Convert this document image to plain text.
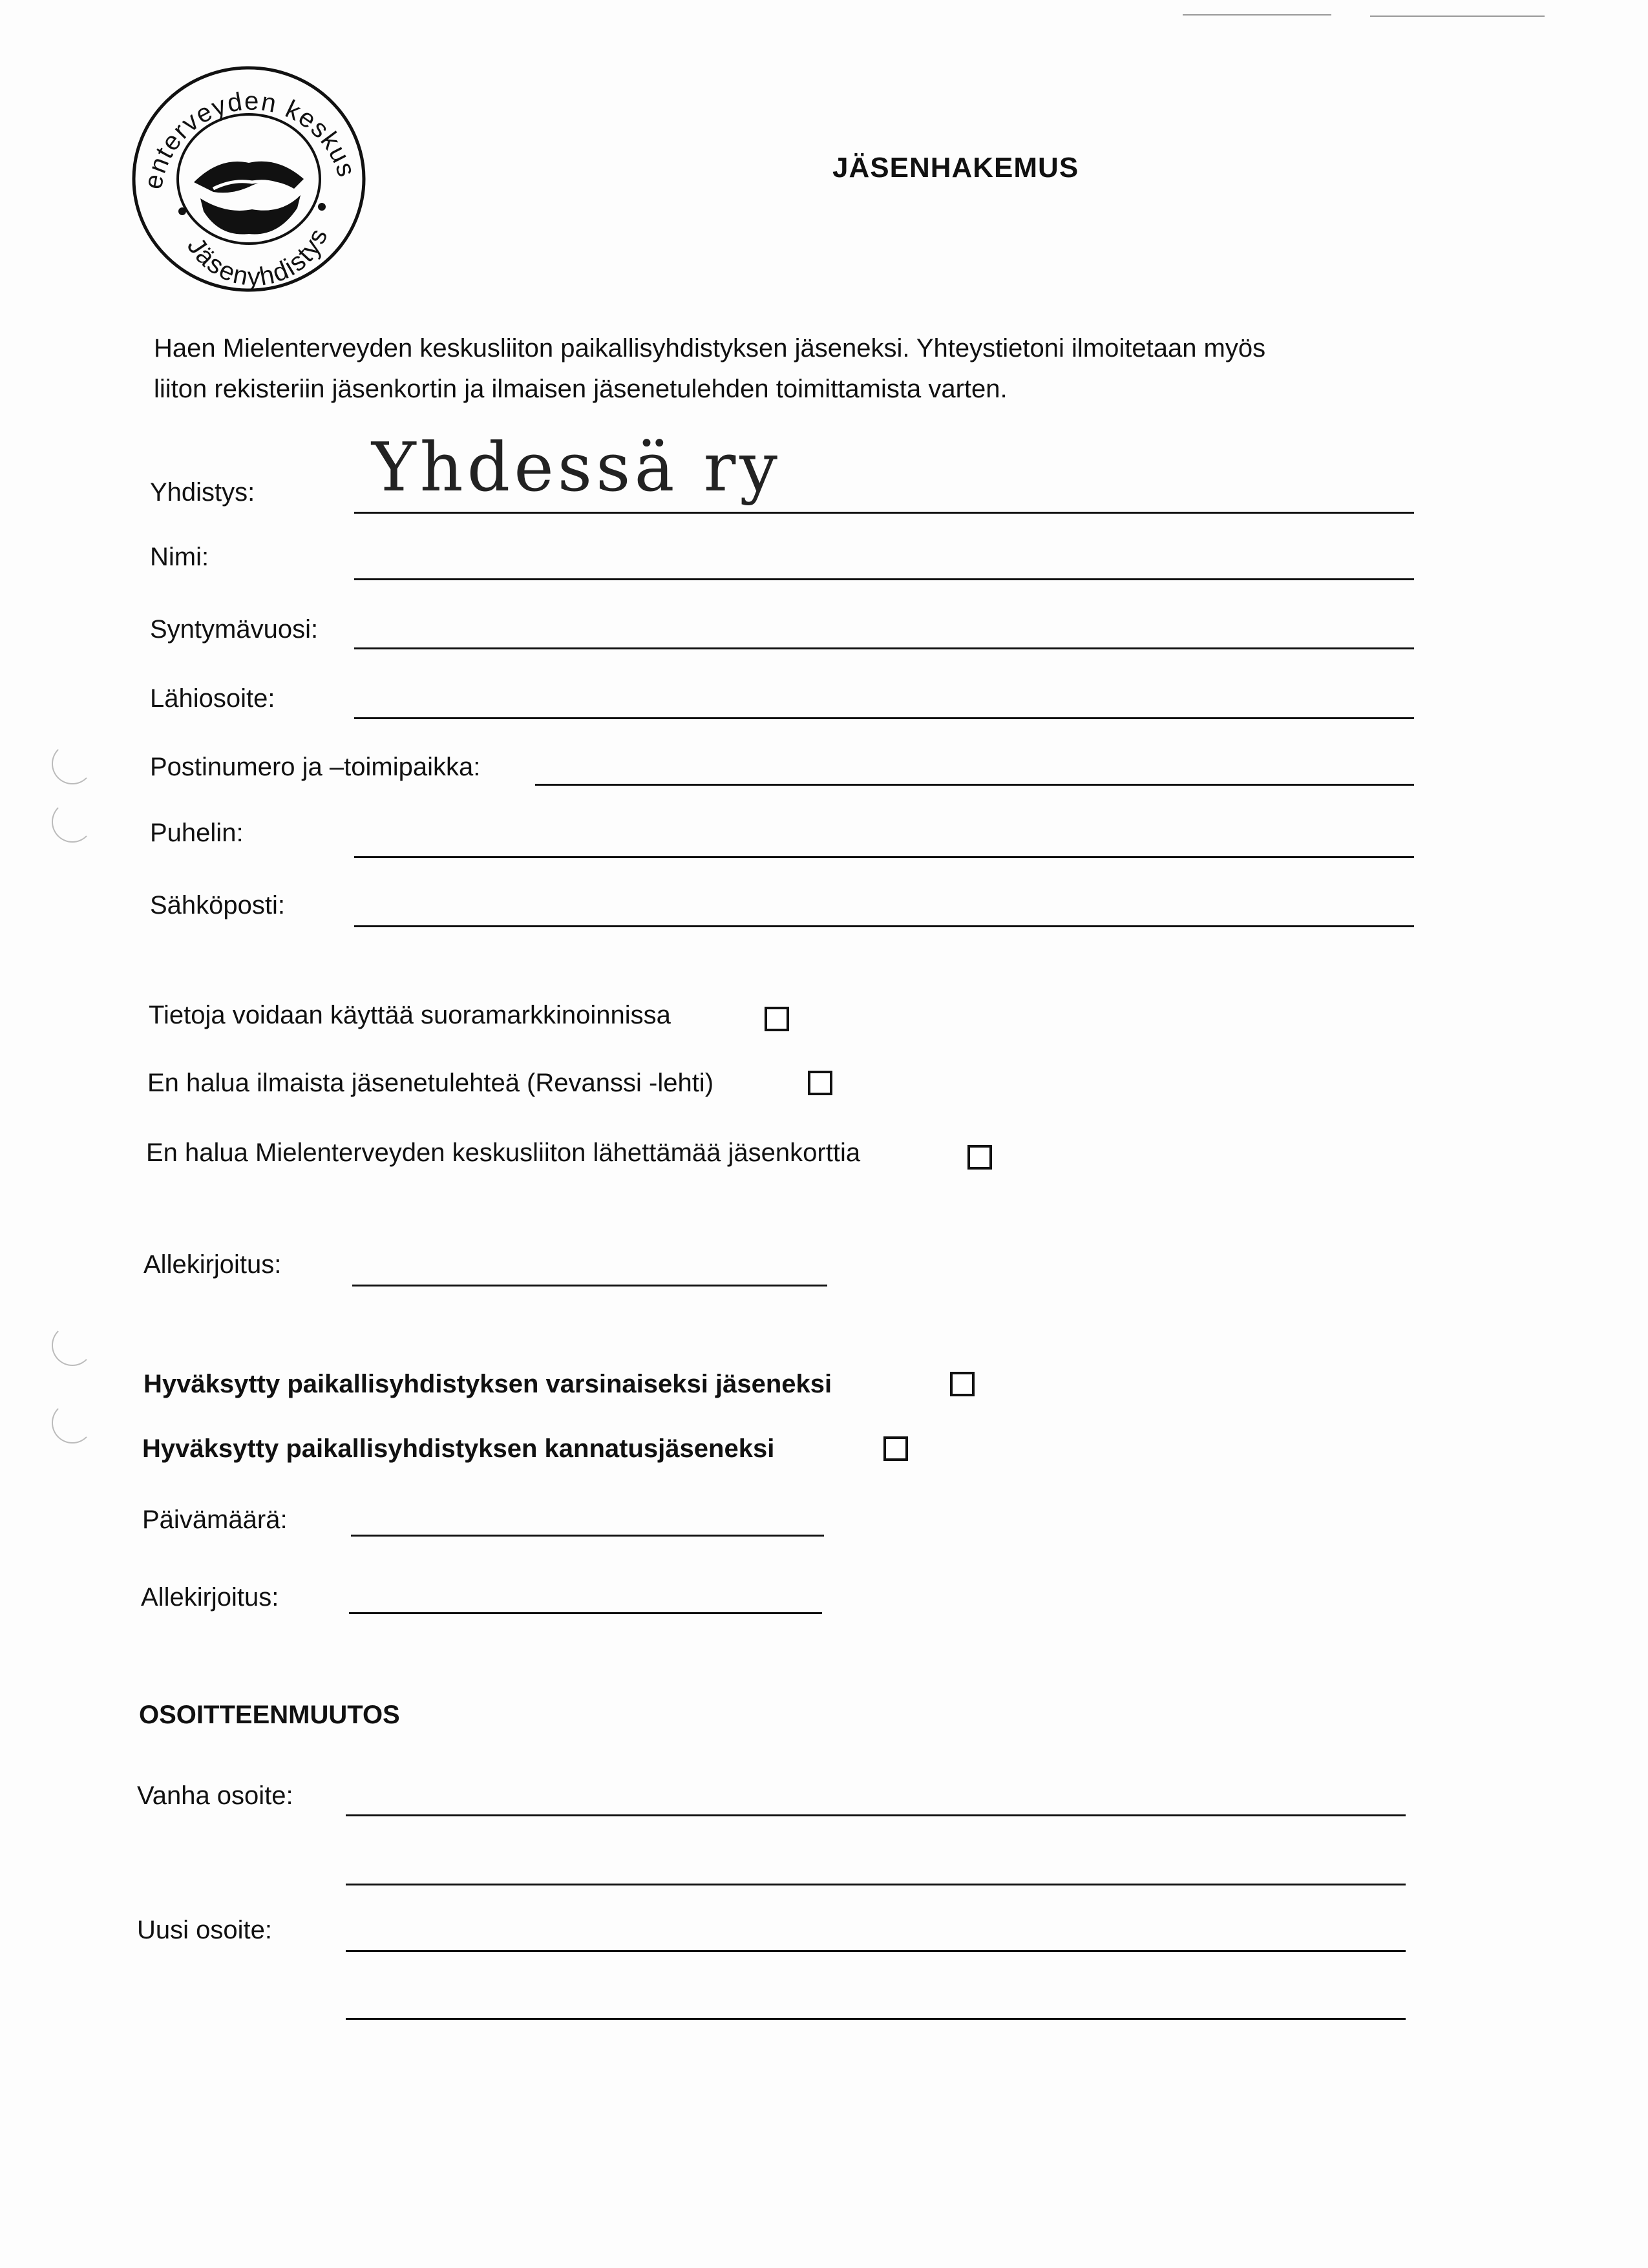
enterveyden keskus
Jäsenyhdistys
JÄSENHAKEMUS
Haen Mielenterveyden keskusliiton paikallisyhdistyksen jäseneksi. Yhteystietoni ilmoitetaan myös
liiton rekisteriin jäsenkortin ja ilmaisen jäsenetulehden toimittamista varten.
Yhdistys: Yhdessä ry
Nimi:
Syntymävuosi:
Lähiosoite:
Postinumero ja –toimipaikka:
Puhelin:
Sähköposti:
Tietoja voidaan käyttää suoramarkkinoinnissa
En halua ilmaista jäsenetulehteä (Revanssi -lehti)
En halua Mielenterveyden keskusliiton lähettämää jäsenkorttia
Allekirjoitus:
Hyväksytty paikallisyhdistyksen varsinaiseksi jäseneksi
Hyväksytty paikallisyhdistyksen kannatusjäseneksi
Päivämäärä:
Allekirjoitus:
OSOITTEENMUUTOS
Vanha osoite:
Uusi osoite:
